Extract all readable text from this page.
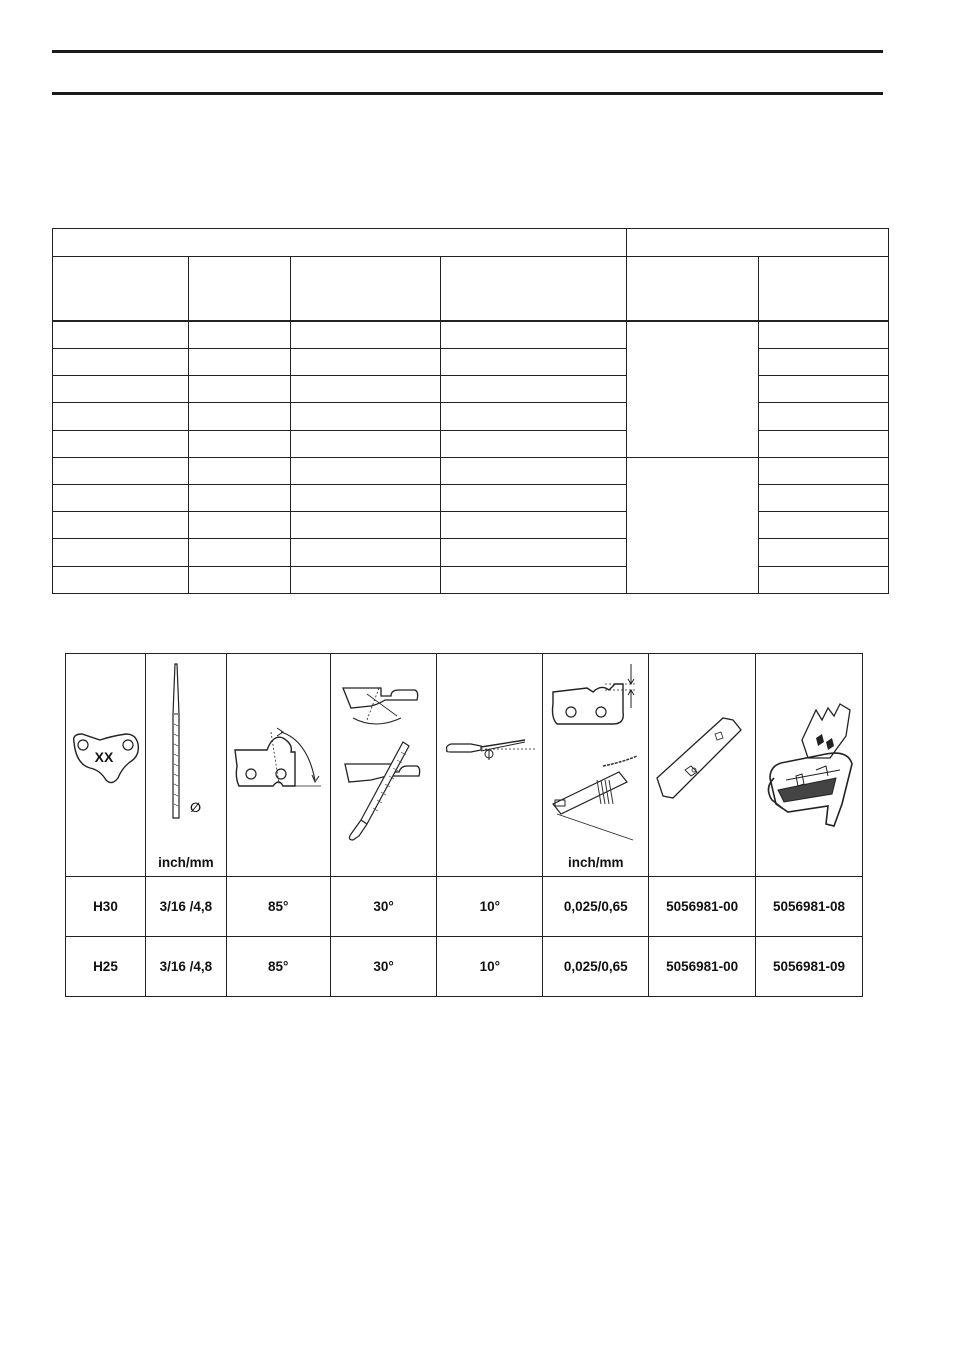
XX	∅
inch/mm				inch/mm

H30	3/16 /4,8	85°	30°	10°	0,025/0,65	5056981-00	5056981-08
H25	3/16 /4,8	85°	30°	10°	0,025/0,65	5056981-00	5056981-09
